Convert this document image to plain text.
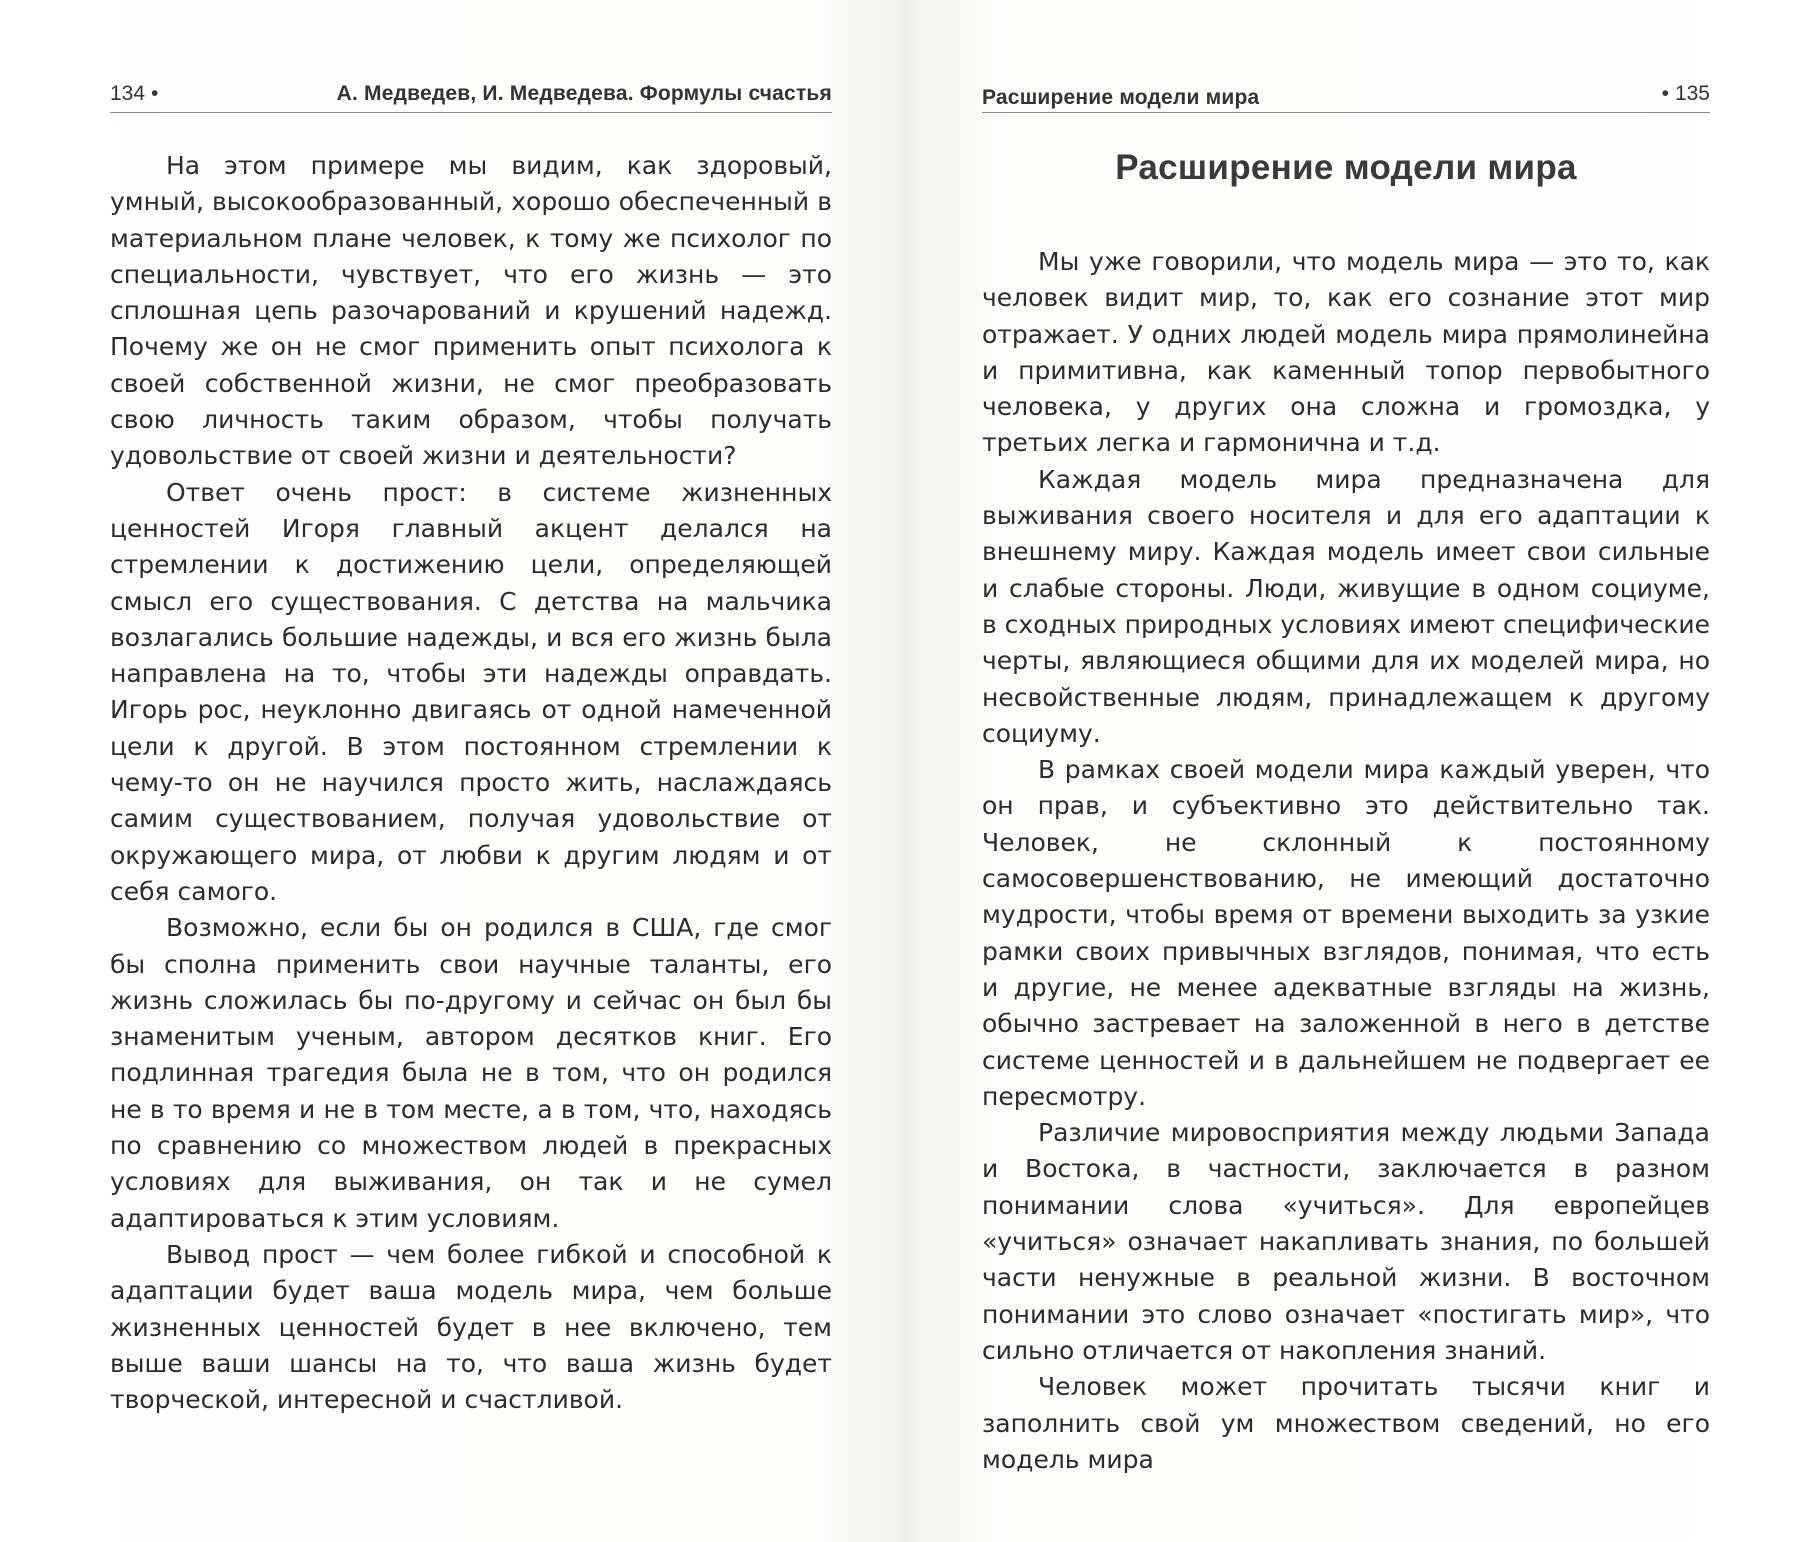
134 •	А. Медведев, И. Медведева. Формулы счастья

На этом примере мы видим, как здоровый, умный, высокообразованный, хорошо обеспеченный в материальном плане человек, к тому же психолог по специальности, чувствует, что его жизнь — это сплошная цепь разочарований и крушений надежд. Почему же он не смог применить опыт психолога к своей собственной жизни, не смог преобразовать свою личность таким образом, чтобы получать удовольствие от своей жизни и деятельности?

Ответ очень прост: в системе жизненных ценностей Игоря главный акцент делался на стремлении к достижению цели, определяющей смысл его существования. С детства на мальчика возлагались большие надежды, и вся его жизнь была направлена на то, чтобы эти надежды оправдать. Игорь рос, неуклонно двигаясь от одной намеченной цели к другой. В этом постоянном стремлении к чему-то он не научился просто жить, наслаждаясь самим существованием, получая удовольствие от окружающего мира, от любви к другим людям и от себя самого.

Возможно, если бы он родился в США, где смог бы сполна применить свои научные таланты, его жизнь сложилась бы по-другому и сейчас он был бы знаменитым ученым, автором десятков книг. Его подлинная трагедия была не в том, что он родился не в то время и не в том месте, а в том, что, находясь по сравнению со множеством людей в прекрасных условиях для выживания, он так и не сумел адаптироваться к этим условиям.

Вывод прост — чем более гибкой и способной к адаптации будет ваша модель мира, чем больше жизненных ценностей будет в нее включено, тем выше ваши шансы на то, что ваша жизнь будет творческой, интересной и счастливой.

Расширение модели мира	• 135
Расширение модели мира

Мы уже говорили, что модель мира — это то, как человек видит мир, то, как его сознание этот мир отражает. У одних людей модель мира прямолинейна и примитивна, как каменный топор первобытного человека, у других она сложна и громоздка, у третьих легка и гармонична и т.д.

Каждая модель мира предназначена для выживания своего носителя и для его адаптации к внешнему миру. Каждая модель имеет свои сильные и слабые стороны. Люди, живущие в одном социуме, в сходных природных условиях имеют специфические черты, являющиеся общими для их моделей мира, но несвойственные людям, принадлежащем к другому социуму.

В рамках своей модели мира каждый уверен, что он прав, и субъективно это действительно так. Человек, не склонный к постоянному самосовершенствованию, не имеющий достаточно мудрости, чтобы время от времени выходить за узкие рамки своих привычных взглядов, понимая, что есть и другие, не менее адекватные взгляды на жизнь, обычно застревает на заложенной в него в детстве системе ценностей и в дальнейшем не подвергает ее пересмотру.

Различие мировосприятия между людьми Запада и Востока, в частности, заключается в разном понимании слова «учиться». Для европейцев «учиться» означает накапливать знания, по большей части ненужные в реальной жизни. В восточном понимании это слово означает «постигать мир», что сильно отличается от накопления знаний.

Человек может прочитать тысячи книг и заполнить свой ум множеством сведений, но его модель мира
